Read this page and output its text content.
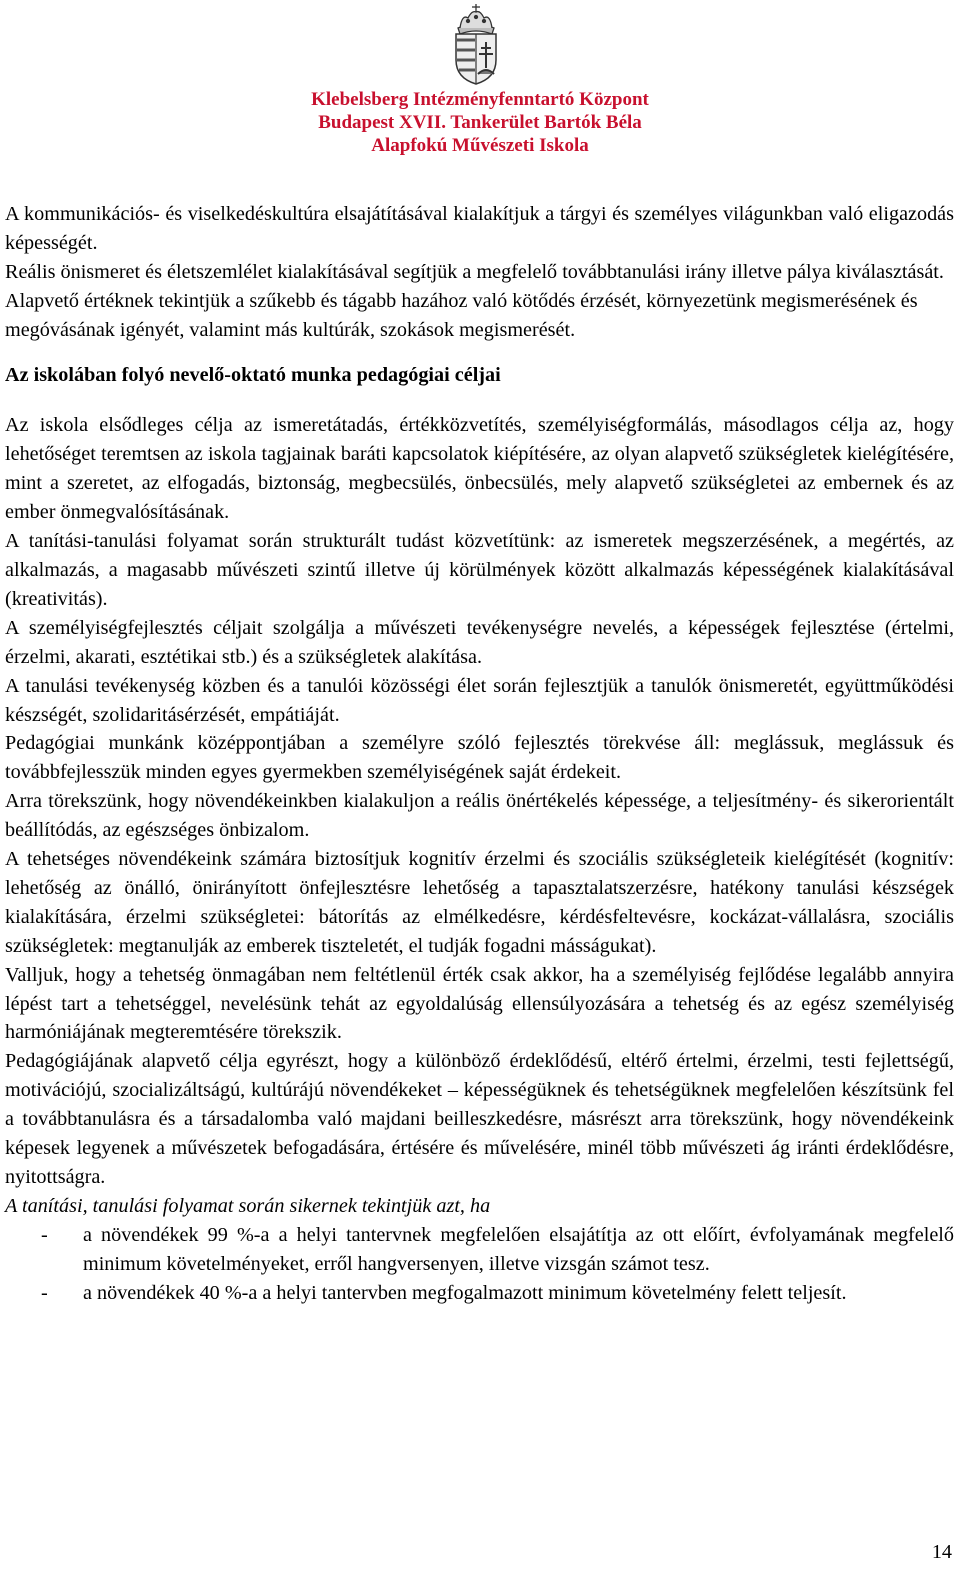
Klebelsberg Intézményfenntartó Központ
Budapest XVII. Tankerület Bartók Béla
Alapfokú Művészeti Iskola

A kommunikációs- és viselkedéskultúra elsajátításával kialakítjuk a tárgyi és személyes világunkban való eligazodás képességét.

Reális önismeret és életszemlélet kialakításával segítjük a megfelelő továbbtanulási irány illetve pálya kiválasztását.

Alapvető értéknek tekintjük a szűkebb és tágabb hazához való kötődés érzését, környezetünk megismerésének és megóvásának igényét, valamint más kultúrák, szokások megismerését.

Az iskolában folyó nevelő-oktató munka pedagógiai céljai

Az iskola elsődleges célja az ismeretátadás, értékközvetítés, személyiségformálás, másodlagos célja az, hogy lehetőséget teremtsen az iskola tagjainak baráti kapcsolatok kiépítésére, az olyan alapvető szükségletek kielégítésére, mint a szeretet, az elfogadás, biztonság, megbecsülés, önbecsülés, mely alapvető szükségletei az embernek és az ember önmegvalósításának.

A tanítási-tanulási folyamat során strukturált tudást közvetítünk: az ismeretek megszerzésének, a megértés, az alkalmazás, a magasabb művészeti szintű illetve új körülmények között alkalmazás képességének kialakításával (kreativitás).

A személyiségfejlesztés céljait szolgálja a művészeti tevékenységre nevelés, a képességek fejlesztése (értelmi, érzelmi, akarati, esztétikai stb.) és a szükségletek alakítása.

A tanulási tevékenység közben és a tanulói közösségi élet során fejlesztjük a tanulók önismeretét, együttműködési készségét, szolidaritásérzését, empátiáját.

Pedagógiai munkánk középpontjában a személyre szóló fejlesztés törekvése áll: meglássuk, meglássuk és továbbfejlesszük minden egyes gyermekben személyiségének saját érdekeit.

Arra törekszünk, hogy növendékeinkben kialakuljon a reális önértékelés képessége, a teljesítmény- és sikerorientált beállítódás, az egészséges önbizalom.

A tehetséges növendékeink számára biztosítjuk kognitív érzelmi és szociális szükségleteik kielégítését (kognitív: lehetőség az önálló, önirányított önfejlesztésre lehetőség a tapasztalatszerzésre, hatékony tanulási készségek kialakítására, érzelmi szükségletei: bátorítás az elmélkedésre, kérdésfeltevésre, kockázat-vállalásra, szociális szükségletek: megtanulják az emberek tiszteletét, el tudják fogadni másságukat).

Valljuk, hogy a tehetség önmagában nem feltétlenül érték csak akkor, ha a személyiség fejlődése legalább annyira lépést tart a tehetséggel, nevelésünk tehát az egyoldalúság ellensúlyozására a tehetség és az egész személyiség harmóniájának megteremtésére törekszik.

Pedagógiájának alapvető célja egyrészt, hogy a különböző érdeklődésű, eltérő értelmi, érzelmi, testi fejlettségű, motivációjú, szocializáltságú, kultúrájú növendékeket – képességüknek és tehetségüknek megfelelően készítsünk fel a továbbtanulásra és a társadalomba való majdani beilleszkedésre, másrészt arra törekszünk, hogy növendékeink képesek legyenek a művészetek befogadására, értésére és művelésére, minél több művészeti ág iránti érdeklődésre, nyitottságra.

A tanítási, tanulási folyamat során sikernek tekintjük azt, ha

- a növendékek 99 %-a a helyi tantervnek megfelelően elsajátítja az ott előírt, évfolyamának megfelelő minimum követelményeket, erről hangversenyen, illetve vizsgán számot tesz.
- a növendékek 40 %-a a helyi tantervben megfogalmazott minimum követelmény felett teljesít.
14
